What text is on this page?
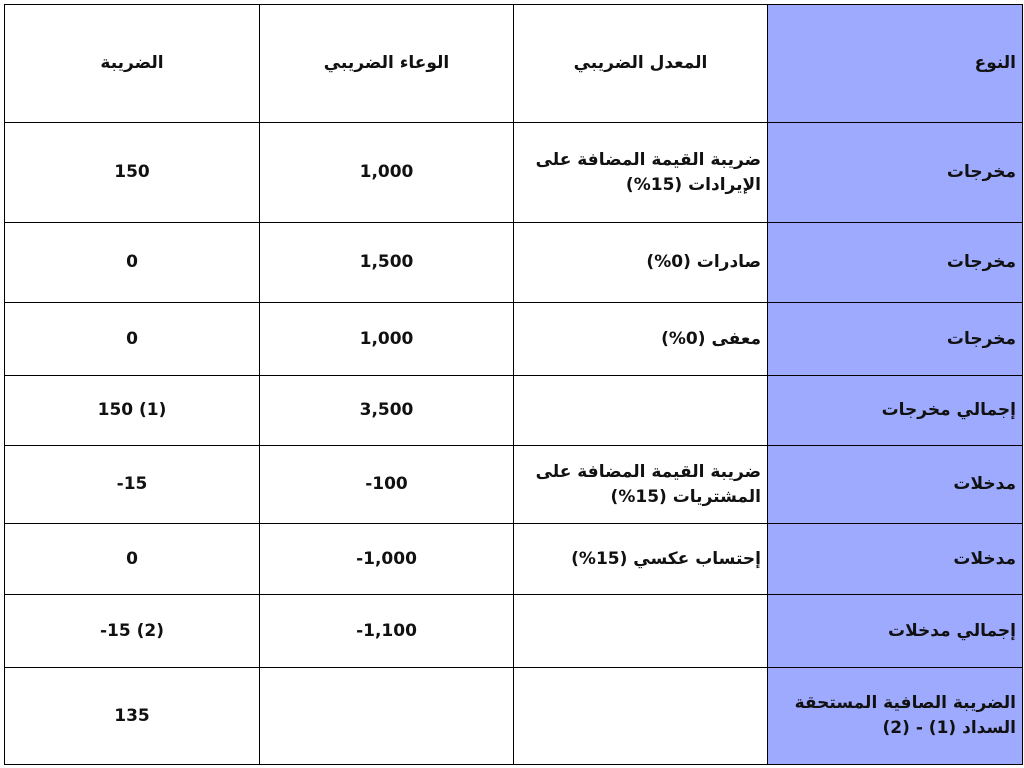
النوع	المعدل الضريبي	الوعاء الضريبي	الضريبة
مخرجات	ضريبة القيمة المضافة على الإيرادات (15%)	1,000	150
مخرجات	صادرات (0%)	1,500	0
مخرجات	معفى (0%)	1,000	0
إجمالي مخرجات		3,500	150 (1)
مدخلات	ضريبة القيمة المضافة على المشتريات (15%)	-100	-15
مدخلات	إحتساب عكسي (15%)	-1,000	0
إجمالي مدخلات		-1,100	-15 (2)
الضريبة الصافية المستحقة السداد (1) - (2)			135
